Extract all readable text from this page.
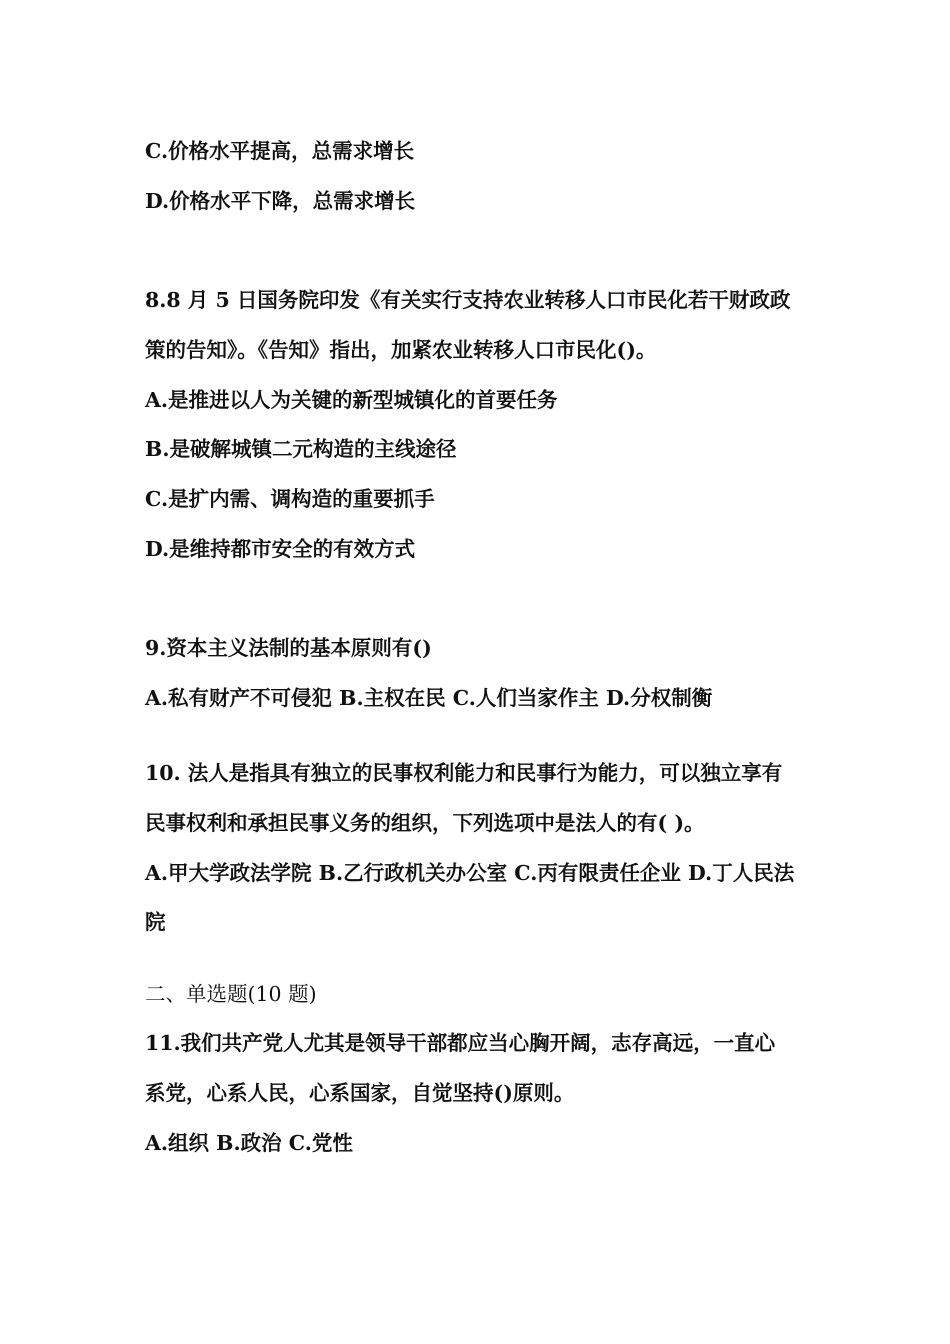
C.价格水平提高，总需求增长
D.价格水平下降，总需求增长
8.8 月 5 日国务院印发《有关实行支持农业转移人口市民化若干财政政
策的告知》。《告知》指出，加紧农业转移人口市民化()。
A.是推进以人为关键的新型城镇化的首要任务
B.是破解城镇二元构造的主线途径
C.是扩内需、调构造的重要抓手
D.是维持都市安全的有效方式
9.资本主义法制的基本原则有()
A.私有财产不可侵犯 B.主权在民 C.人们当家作主 D.分权制衡
10. 法人是指具有独立的民事权利能力和民事行为能力，可以独立享有
民事权利和承担民事义务的组织，下列选项中是法人的有( )。
A.甲大学政法学院 B.乙行政机关办公室 C.丙有限责任企业 D.丁人民法
院
二、单选题(10 题)
11.我们共产党人尤其是领导干部都应当心胸开阔，志存高远，一直心
系党，心系人民，心系国家，自觉坚持()原则。
A.组织 B.政治 C.党性
